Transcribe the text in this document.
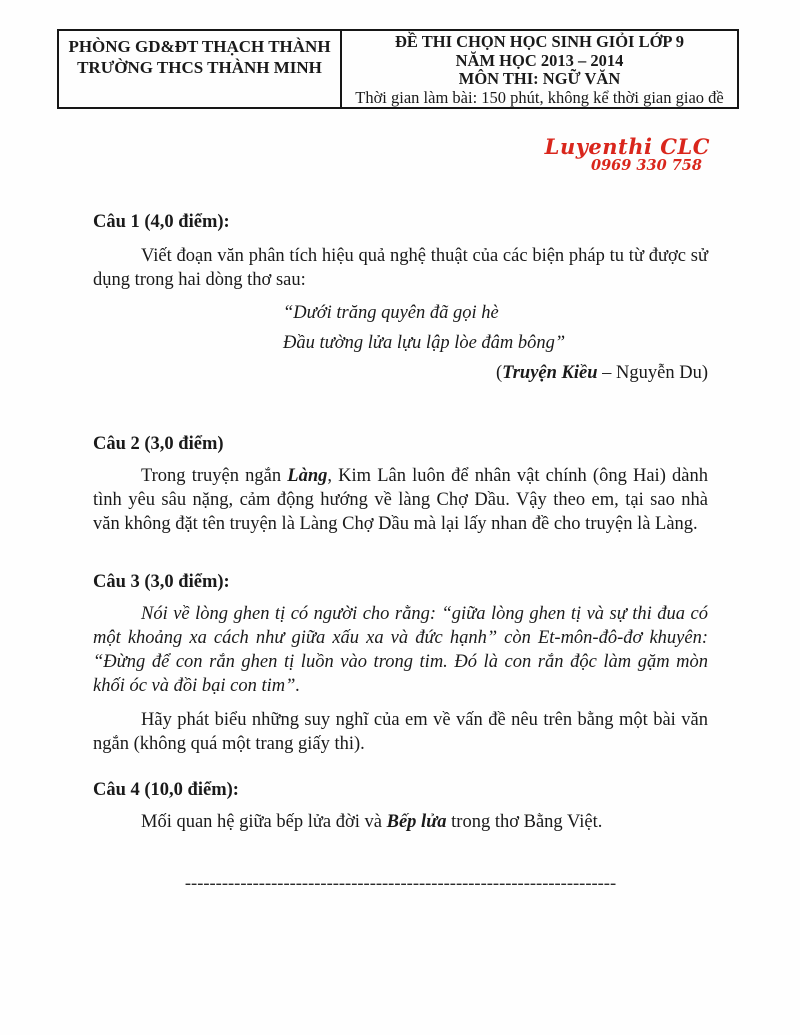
PHÒNG GD&ĐT THẠCH THÀNH
TRƯỜNG THCS THÀNH MINH
ĐỀ THI CHỌN HỌC SINH GIỎI LỚP 9
NĂM HỌC 2013 – 2014
MÔN THI: NGỮ VĂN
Thời gian làm bài: 150 phút, không kể thời gian giao đề
Luyenthi CLC
0969 330 758
Câu 1 (4,0 điểm):
Viết đoạn văn phân tích hiệu quả nghệ thuật của các biện pháp tu từ được sử dụng trong hai dòng thơ sau:
“Dưới trăng quyên đã gọi hè
Đầu tường lửa lựu lập lòe đâm bông”
(Truyện Kiều – Nguyễn Du)
Câu 2 (3,0 điểm)
Trong truyện ngắn Làng, Kim Lân luôn để nhân vật chính (ông Hai) dành tình yêu sâu nặng, cảm động hướng về làng Chợ Dầu. Vậy theo em, tại sao nhà văn không đặt tên truyện là Làng Chợ Dầu mà lại lấy nhan đề cho truyện là Làng.
Câu 3 (3,0 điểm):
Nói về lòng ghen tị có người cho rằng: “giữa lòng ghen tị và sự thi đua có một khoảng xa cách như giữa xấu xa và đức hạnh” còn Et-môn-đô-đơ khuyên: “Đừng để con rắn ghen tị luồn vào trong tim. Đó là con rắn độc làm gặm mòn khối óc và đồi bại con tim”.
Hãy phát biểu những suy nghĩ của em về vấn đề nêu trên bằng một bài văn ngắn (không quá một trang giấy thi).
Câu 4 (10,0 điểm):
Mối quan hệ giữa bếp lửa đời và Bếp lửa trong thơ Bằng Việt.
----------------------------------------------------------------------
